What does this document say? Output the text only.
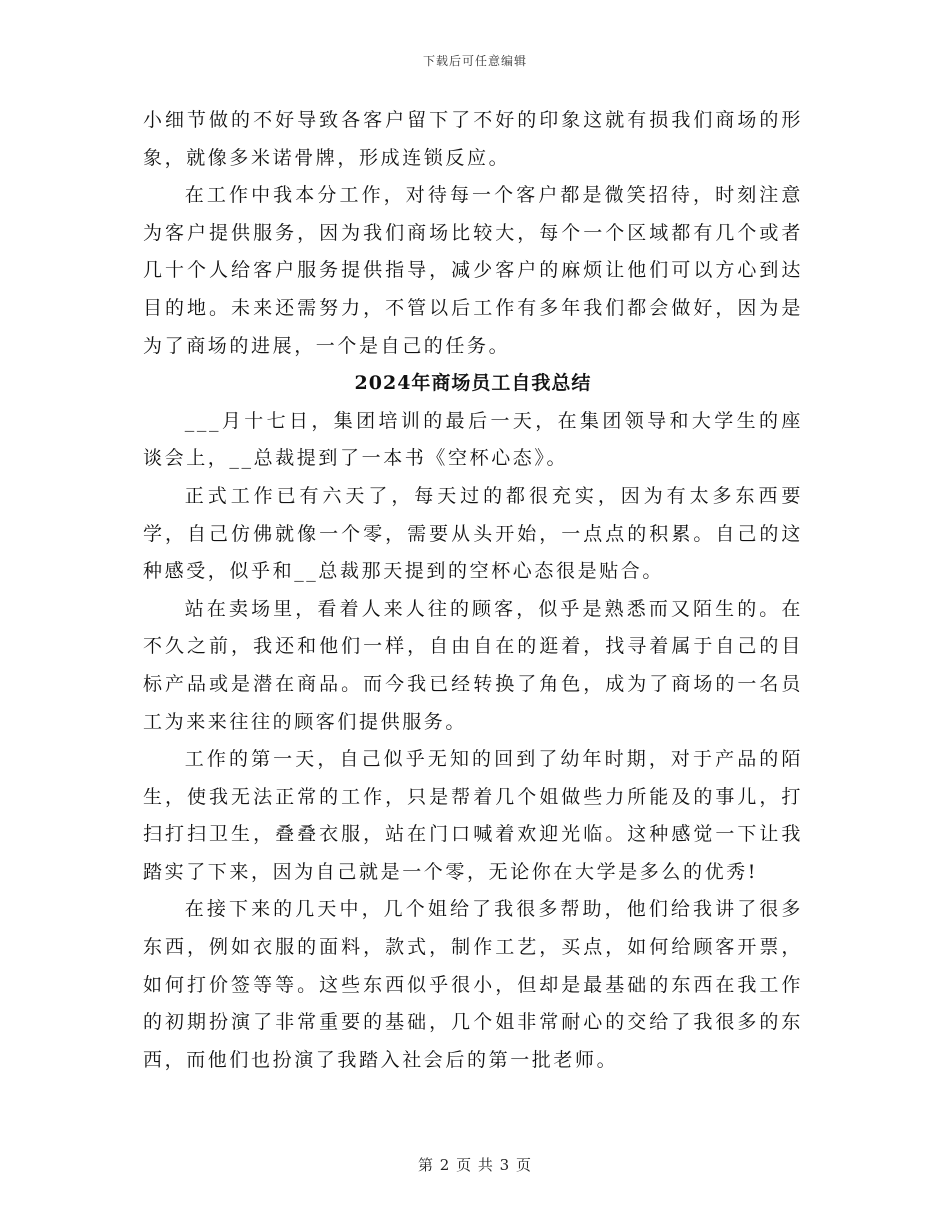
下载后可任意编辑

小细节做的不好导致各客户留下了不好的印象这就有损我们商场的形象，就像多米诺骨牌，形成连锁反应。

在工作中我本分工作，对待每一个客户都是微笑招待，时刻注意为客户提供服务，因为我们商场比较大，每个一个区域都有几个或者几十个人给客户服务提供指导，减少客户的麻烦让他们可以方心到达目的地。未来还需努力，不管以后工作有多年我们都会做好，因为是为了商场的进展，一个是自己的任务。

2024年商场员工自我总结

___月十七日，集团培训的最后一天，在集团领导和大学生的座谈会上，__总裁提到了一本书《空杯心态》。

正式工作已有六天了，每天过的都很充实，因为有太多东西要学，自己仿佛就像一个零，需要从头开始，一点点的积累。自己的这种感受，似乎和__总裁那天提到的空杯心态很是贴合。

站在卖场里，看着人来人往的顾客，似乎是熟悉而又陌生的。在不久之前，我还和他们一样，自由自在的逛着，找寻着属于自己的目标产品或是潜在商品。而今我已经转换了角色，成为了商场的一名员工为来来往往的顾客们提供服务。

工作的第一天，自己似乎无知的回到了幼年时期，对于产品的陌生，使我无法正常的工作，只是帮着几个姐做些力所能及的事儿，打扫打扫卫生，叠叠衣服，站在门口喊着欢迎光临。这种感觉一下让我踏实了下来，因为自己就是一个零，无论你在大学是多么的优秀!

在接下来的几天中，几个姐给了我很多帮助，他们给我讲了很多东西，例如衣服的面料，款式，制作工艺，买点，如何给顾客开票，如何打价签等等。这些东西似乎很小，但却是最基础的东西在我工作的初期扮演了非常重要的基础，几个姐非常耐心的交给了我很多的东西，而他们也扮演了我踏入社会后的第一批老师。

第 2 页 共 3 页
